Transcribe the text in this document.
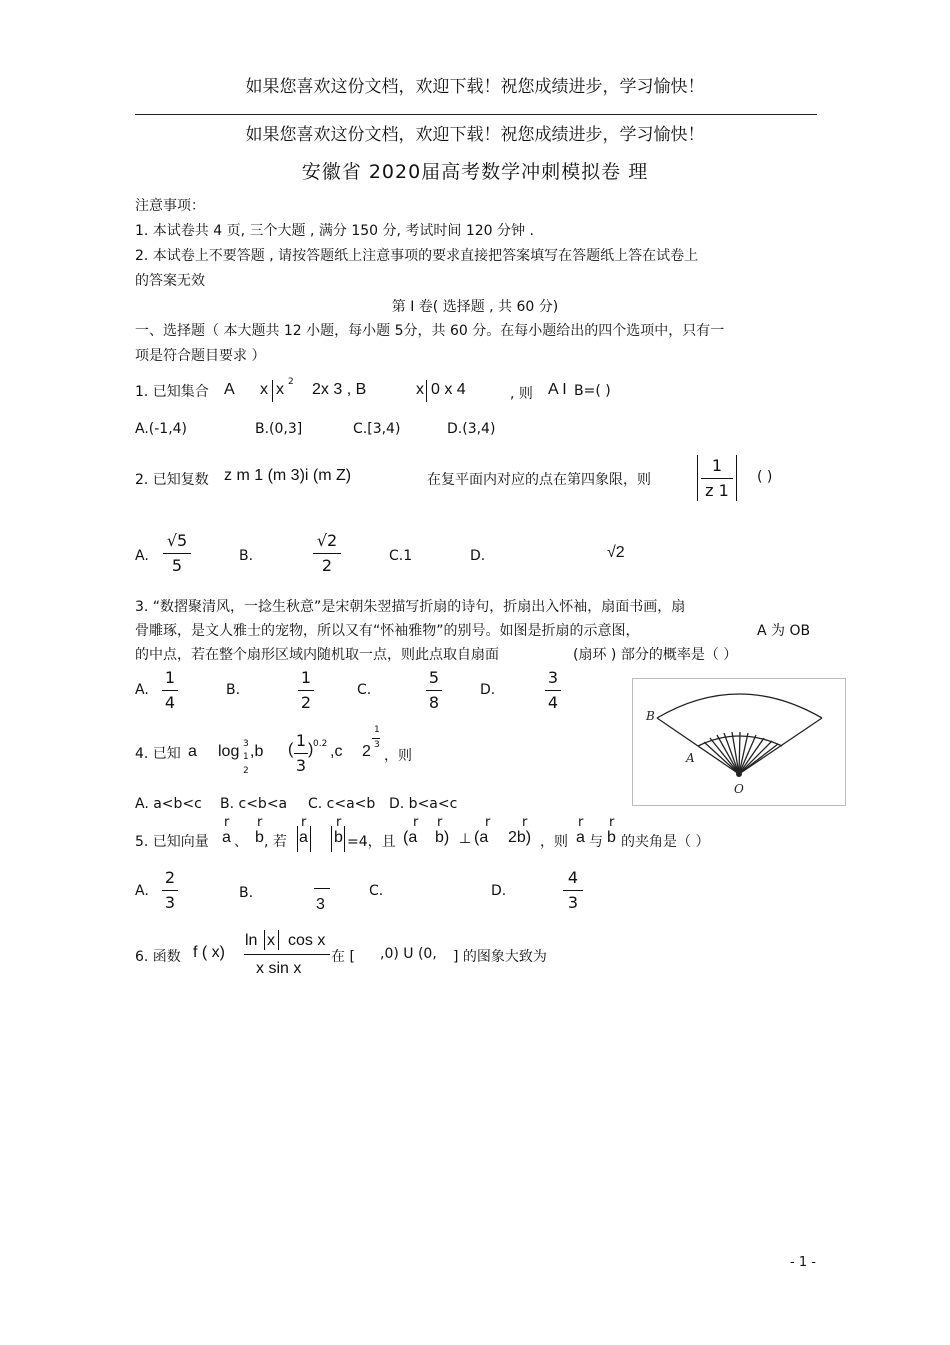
如果您喜欢这份文档，欢迎下载！祝您成绩进步，学习愉快！
如果您喜欢这份文档，欢迎下载！祝您成绩进步，学习愉快！
安徽省 2020届高考数学冲刺模拟卷 理
注意事项：
1. 本试卷共 4 页, 三个大题 , 满分 150 分, 考试时间 120 分钟 .
2. 本试卷上不要答题 , 请按答题纸上注意事项的要求直接把答案填写在答题纸上答在试卷上
的答案无效
第 Ⅰ 卷( 选择题 , 共 60 分)
一、选择题（ 本大题共 12 小题，每小题 5分，共 60 分。在每小题给出的四个选项中，只有一
项是符合题目要求 ）
1. 已知集合 A x x 2 2x 3 , B	x 0 x 4	, 则 A I B=( )
A.(-1,4)	B.(0,3]	C.[3,4)	D.(3,4)
2. 已知复数 z m 1 (m 3)i (m Z)	在复平面内对应的点在第四象限，则
1
z 1
( )
A.
√5
5	B.
√2
2	C.1	D.	√2
3. “数摺聚清风，一捻生秋意”是宋朝朱翌描写折扇的诗句，折扇出入怀袖，扇面书画，扇
骨雕琢，是文人雅士的宠物，所以又有“怀袖雅物”的别号。如图是折扇的示意图，	A 为 OB
的中点，若在整个扇形区域内随机取一点，则此点取自扇面	(扇环 ) 部分的概率是（ ）
A.
1
4
B.
1
2
C.
5
8
D.
3
4
B
A
O
4. 已知 a log 3
1
2
,b ( 1
3
) 0.2 ,c 2
1
3
，则
A. a<b<c B. c<b<a C. c<a<b D. b<a<c
5. 已知向量
r
a 、
r
b , 若
r
a
r
b =4，且
r
(a
r
b) ⊥
r
(a
r
2b) ，则
r
a 与
r
b 的夹角是（ ）
A.
2
3	B.
3
C.	D.
4
3
6. 函数 f ( x)
ln x cos x
x sin x
在 [ ,0) U (0, ] 的图象大致为
- 1 -
